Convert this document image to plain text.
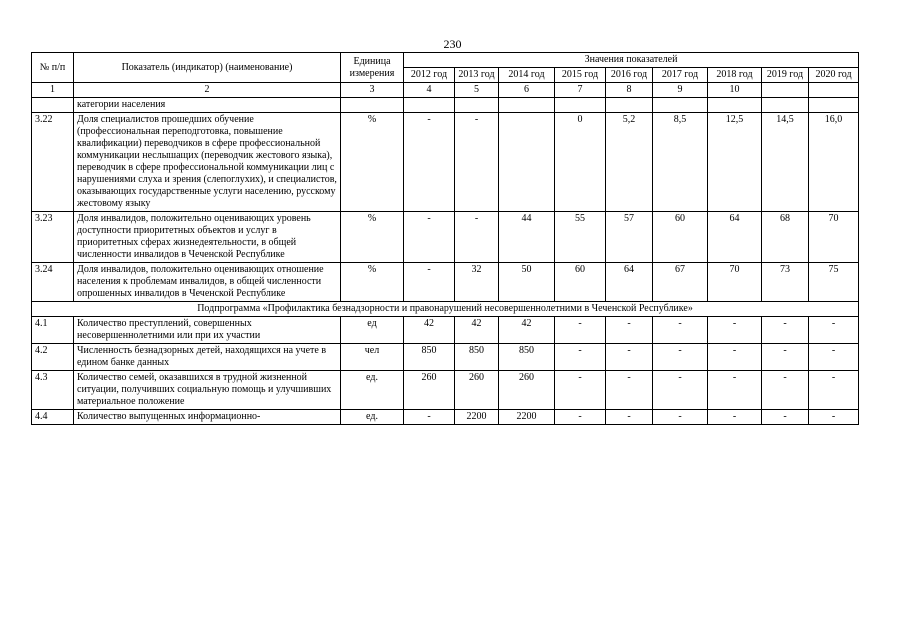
230
№ п/п	Показатель (индикатор) (наименование)	Единица измерения	Значения показателей								
			2012 год	2013 год	2014 год	2015 год	2016 год	2017 год	2018 год	2019 год	2020 год
1	2	3	4	5	6	7	8	9	10		
	категории населения										
3.22	Доля специалистов прошедших обучение (профессиональная переподготовка, повышение квалификации) переводчиков в сфере профессиональной коммуникации неслышащих (переводчик жестового языка), переводчик в сфере профессиональной коммуникации лиц с нарушениями слуха и зрения (слепоглухих), и специалистов, оказывающих государственные услуги населению, русскому жестовому языку	%	-	-		0	5,2	8,5	12,5	14,5	16,0
3.23	Доля инвалидов, положительно оценивающих уровень доступности приоритетных объектов и услуг в приоритетных сферах жизнедеятельности, в общей численности инвалидов в Чеченской Республике	%	-	-	44	55	57	60	64	68	70
3.24	Доля инвалидов, положительно оценивающих отношение населения к проблемам инвалидов, в общей численности опрошенных инвалидов в Чеченской Республике	%	-	32	50	60	64	67	70	73	75
Подпрограмма «Профилактика безнадзорности и правонарушений несовершеннолетними в Чеченской Республике»											
4.1	Количество преступлений, совершенных несовершеннолетними или при их участии	ед	42	42	42	-	-	-	-	-	-
4.2	Численность безнадзорных детей, находящихся на учете в едином банке данных	чел	850	850	850	-	-	-	-	-	-
4.3	Количество семей, оказавшихся в трудной жизненной ситуации, получивших социальную помощь и улучшивших материальное положение	ед.	260	260	260	-	-	-	-	-	-
4.4	Количество выпущенных информационно-	ед.	-	2200	2200	-	-	-	-	-	-
